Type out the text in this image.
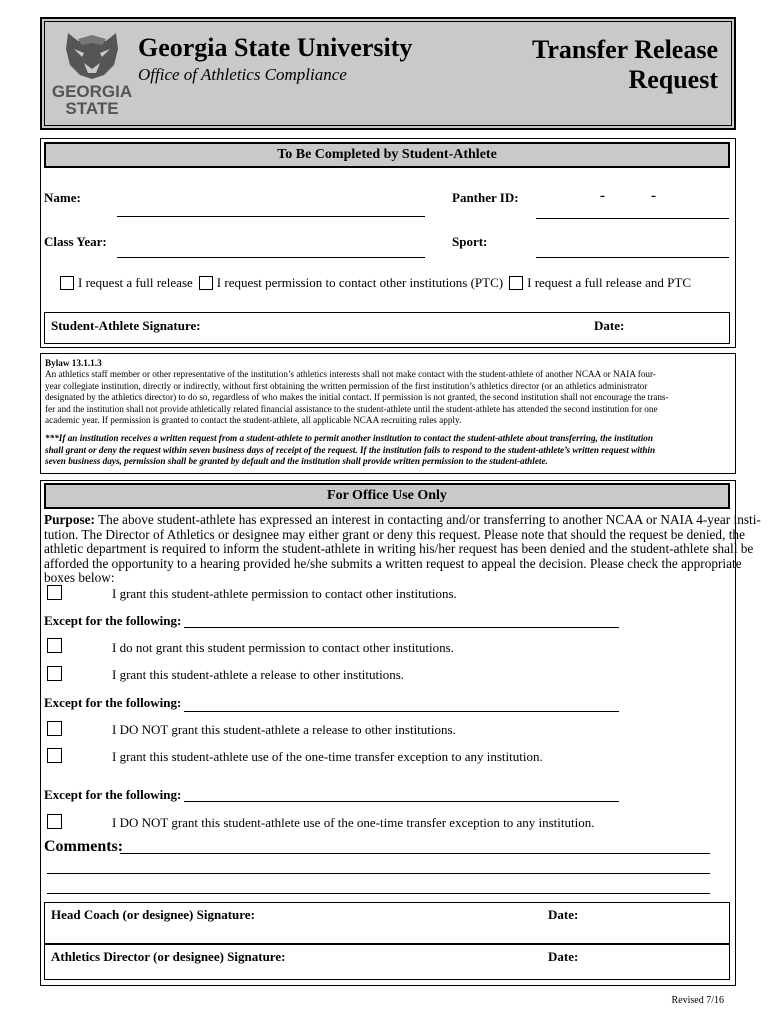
GEORGIA
STATE
Georgia State University
Office of Athletics Compliance
Transfer Release
Request
To Be Completed by Student-Athlete
Name:	Panther ID:	-	-
Class Year:	Sport:
I request a full release I request permission to contact other institutions (PTC) I request a full release and PTC
Student-Athlete Signature:	Date:
Bylaw 13.1.1.3
An athletics staff member or other representative of the institution’s athletics interests shall not make contact with the student-athlete of another NCAA or NAIA four-
year collegiate institution, directly or indirectly, without first obtaining the written permission of the first institution’s athletics director (or an athletics administrator
designated by the athletics director) to do so, regardless of who makes the initial contact. If permission is not granted, the second institution shall not encourage the trans-
fer and the institution shall not provide athletically related financial assistance to the student-athlete until the student-athlete has attended the second institution for one
academic year. If permission is granted to contact the student-athlete, all applicable NCAA recruiting rules apply.
***If an institution receives a written request from a student-athlete to permit another institution to contact the student-athlete about transferring, the institution
shall grant or deny the request within seven business days of receipt of the request. If the institution fails to respond to the student-athlete’s written request within
seven business days, permission shall be granted by default and the institution shall provide written permission to the student-athlete.
For Office Use Only
Purpose: The above student-athlete has expressed an interest in contacting and/or transferring to another NCAA or NAIA 4-year insti-
tution. The Director of Athletics or designee may either grant or deny this request. Please note that should the request be denied, the
athletic department is required to inform the student-athlete in writing his/her request has been denied and the student-athlete shall be
afforded the opportunity to a hearing provided he/she submits a written request to appeal the decision. Please check the appropriate
boxes below:
I grant this student-athlete permission to contact other institutions.
Except for the following:
I do not grant this student permission to contact other institutions.
I grant this student-athlete a release to other institutions.
Except for the following:
I DO NOT grant this student-athlete a release to other institutions.
I grant this student-athlete use of the one-time transfer exception to any institution.
Except for the following:
I DO NOT grant this student-athlete use of the one-time transfer exception to any institution.
Comments:
Head Coach (or designee) Signature:	Date:
Athletics Director (or designee) Signature:	Date:
Revised 7/16
